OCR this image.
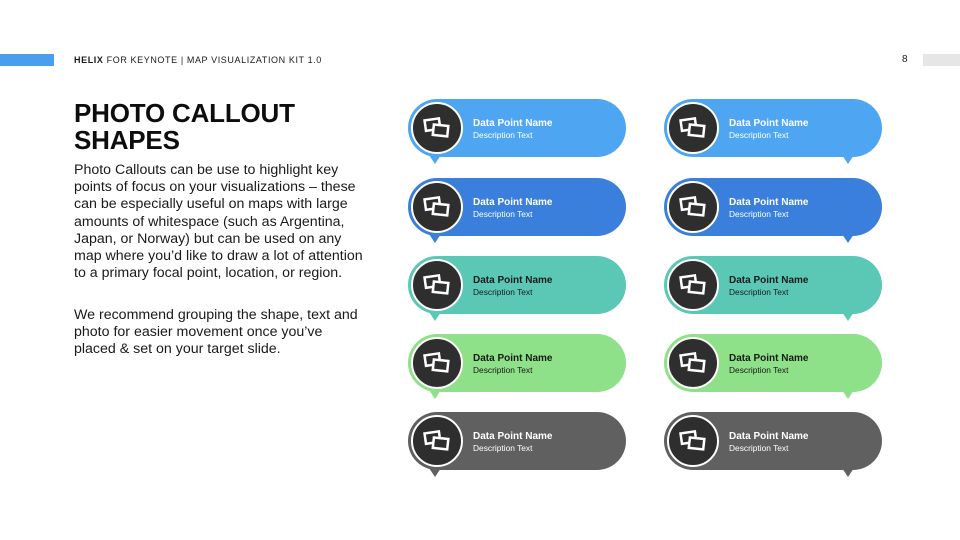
HELIX FOR KEYNOTE | MAP VISUALIZATION KIT 1.0	8
PHOTO CALLOUT SHAPES

Photo Callouts can be use to highlight key points of focus on your visualizations – these can be especially useful on maps with large amounts of whitespace (such as Argentina, Japan, or Norway) but can be used on any map where you’d like to draw a lot of attention to a primary focal point, location, or region.

We recommend grouping the shape, text and photo for easier movement once you’ve placed & set on your target slide.

Data Point Name
Description Text
Data Point Name
Description Text
Data Point Name
Description Text
Data Point Name
Description Text
Data Point Name
Description Text
Data Point Name
Description Text
Data Point Name
Description Text
Data Point Name
Description Text
Data Point Name
Description Text
Data Point Name
Description Text
